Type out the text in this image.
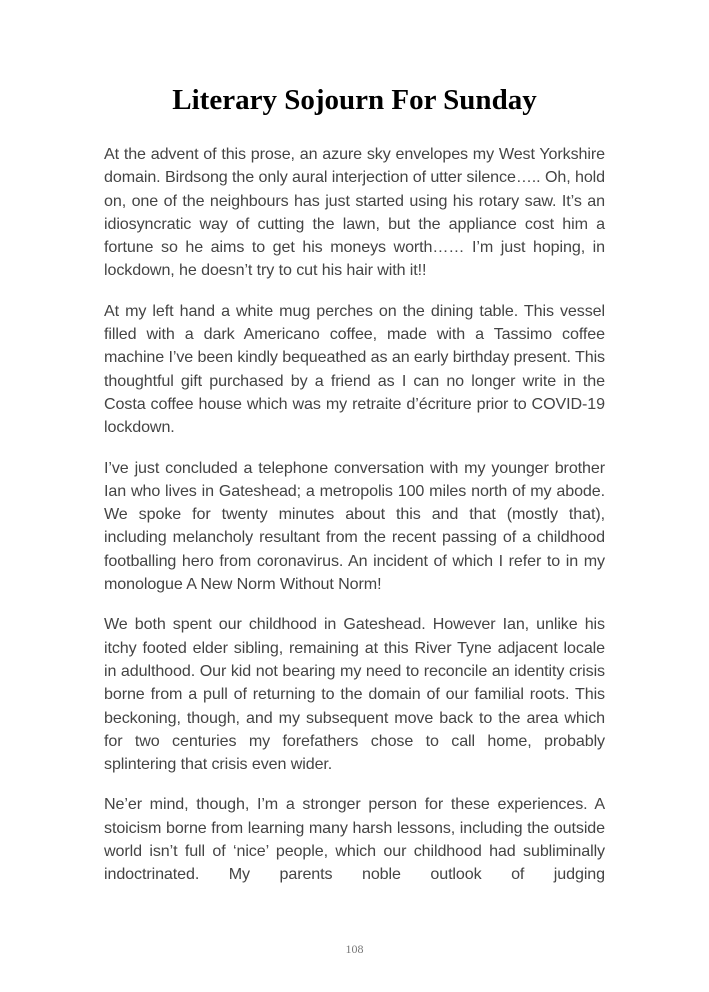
Literary Sojourn For Sunday

At the advent of this prose, an azure sky envelopes my West Yorkshire domain. Birdsong the only aural interjection of utter silence….. Oh, hold on, one of the neighbours has just started using his rotary saw. It’s an idiosyncratic way of cutting the lawn, but the appliance cost him a fortune so he aims to get his moneys worth…… I’m just hoping, in lockdown, he doesn’t try to cut his hair with it!!

At my left hand a white mug perches on the dining table. This vessel filled with a dark Americano coffee, made with a Tassimo coffee machine I’ve been kindly bequeathed as an early birthday present. This thoughtful gift purchased by a friend as I can no longer write in the Costa coffee house which was my retraite d’écriture prior to COVID-19 lockdown.

I’ve just concluded a telephone conversation with my younger brother Ian who lives in Gateshead; a metropolis 100 miles north of my abode. We spoke for twenty minutes about this and that (mostly that), including melancholy resultant from the recent passing of a childhood footballing hero from coronavirus. An incident of which I refer to in my monologue A New Norm Without Norm!

We both spent our childhood in Gateshead. However Ian, unlike his itchy footed elder sibling, remaining at this River Tyne adjacent locale in adulthood. Our kid not bearing my need to reconcile an identity crisis borne from a pull of returning to the domain of our familial roots. This beckoning, though, and my subsequent move back to the area which for two centuries my forefathers chose to call home, probably splintering that crisis even wider.

Ne’er mind, though, I’m a stronger person for these experiences. A stoicism borne from learning many harsh lessons, including the outside world isn’t full of ‘nice’ people, which our childhood had subliminally indoctrinated. My parents noble outlook of judging

108
